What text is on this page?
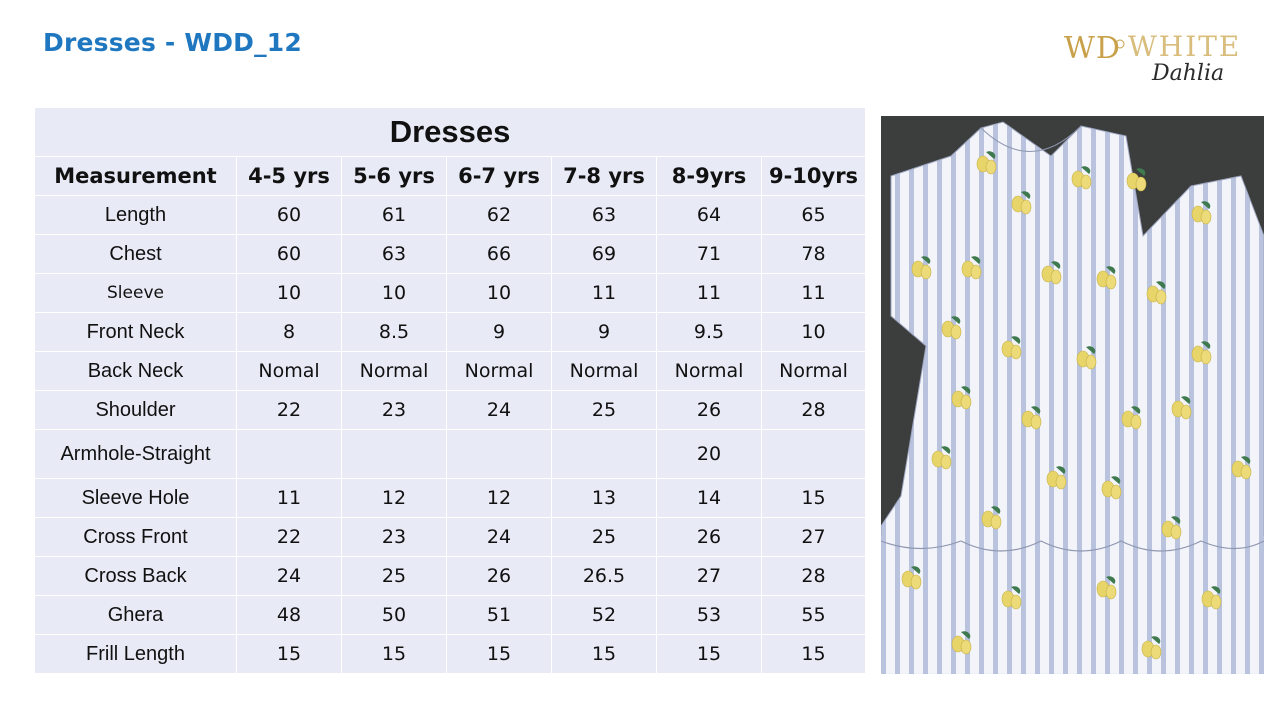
Dresses - WDD_12	WD WHITE
Dahlia
Dresses						
Measurement	4-5 yrs	5-6 yrs	6-7 yrs	7-8 yrs	8-9yrs	9-10yrs
Length	60	61	62	63	64	65
Chest	60	63	66	69	71	78
Sleeve	10	10	10	11	11	11
Front Neck	8	8.5	9	9	9.5	10
Back Neck	Nomal	Normal	Normal	Normal	Normal	Normal
Shoulder	22	23	24	25	26	28
Armhole-Straight					20	
Sleeve Hole	11	12	12	13	14	15
Cross Front	22	23	24	25	26	27
Cross Back	24	25	26	26.5	27	28
Ghera	48	50	51	52	53	55
Frill Length	15	15	15	15	15	15
